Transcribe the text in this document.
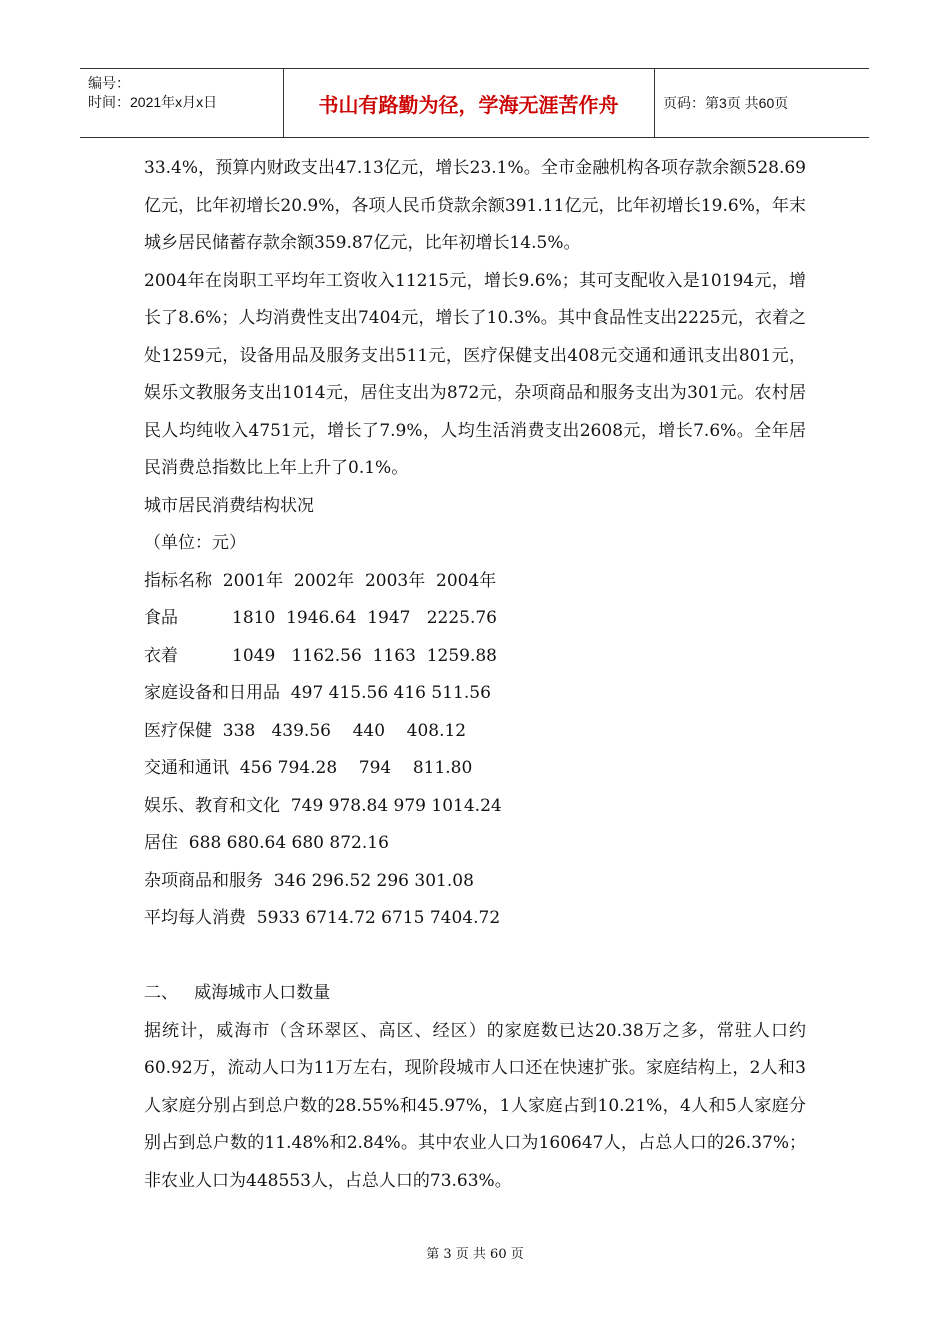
编号：
时间：2021年x月x日	书山有路勤为径，学海无涯苦作舟	页码：第3页 共60页

33.4%，预算内财政支出47.13亿元，增长23.1%。全市金融机构各项存款余额528.69亿元，比年初增长20.9%，各项人民币贷款余额391.11亿元，比年初增长19.6%，年末城乡居民储蓄存款余额359.87亿元，比年初增长14.5%。

2004年在岗职工平均年工资收入11215元，增长9.6%；其可支配收入是10194元，增长了8.6%；人均消费性支出7404元，增长了10.3%。其中食品性支出2225元，衣着之处1259元，设备用品及服务支出511元，医疗保健支出408元交通和通讯支出801元，娱乐文教服务支出1014元，居住支出为872元，杂项商品和服务支出为301元。农村居民人均纯收入4751元，增长了7.9%，人均生活消费支出2608元，增长7.6%。全年居民消费总指数比上年上升了0.1%。

城市居民消费结构状况
（单位：元）
指标名称  2001年  2002年  2003年  2004年
食品          1810  1946.64  1947   2225.76
衣着          1049   1162.56  1163  1259.88
家庭设备和日用品  497 415.56 416 511.56
医疗保健  338   439.56    440    408.12
交通和通讯  456 794.28    794    811.80
娱乐、教育和文化  749 978.84 979 1014.24
居住  688 680.64 680 872.16
杂项商品和服务  346 296.52 296 301.08
平均每人消费  5933 6714.72 6715 7404.72
二、   威海城市人口数量

据统计，威海市（含环翠区、高区、经区）的家庭数已达20.38万之多，常驻人口约60.92万，流动人口为11万左右，现阶段城市人口还在快速扩张。家庭结构上，2人和3人家庭分别占到总户数的28.55%和45.97%，1人家庭占到10.21%，4人和5人家庭分别占到总户数的11.48%和2.84%。其中农业人口为160647人，占总人口的26.37%；非农业人口为448553人，占总人口的73.63%。

第 3 页 共 60 页
